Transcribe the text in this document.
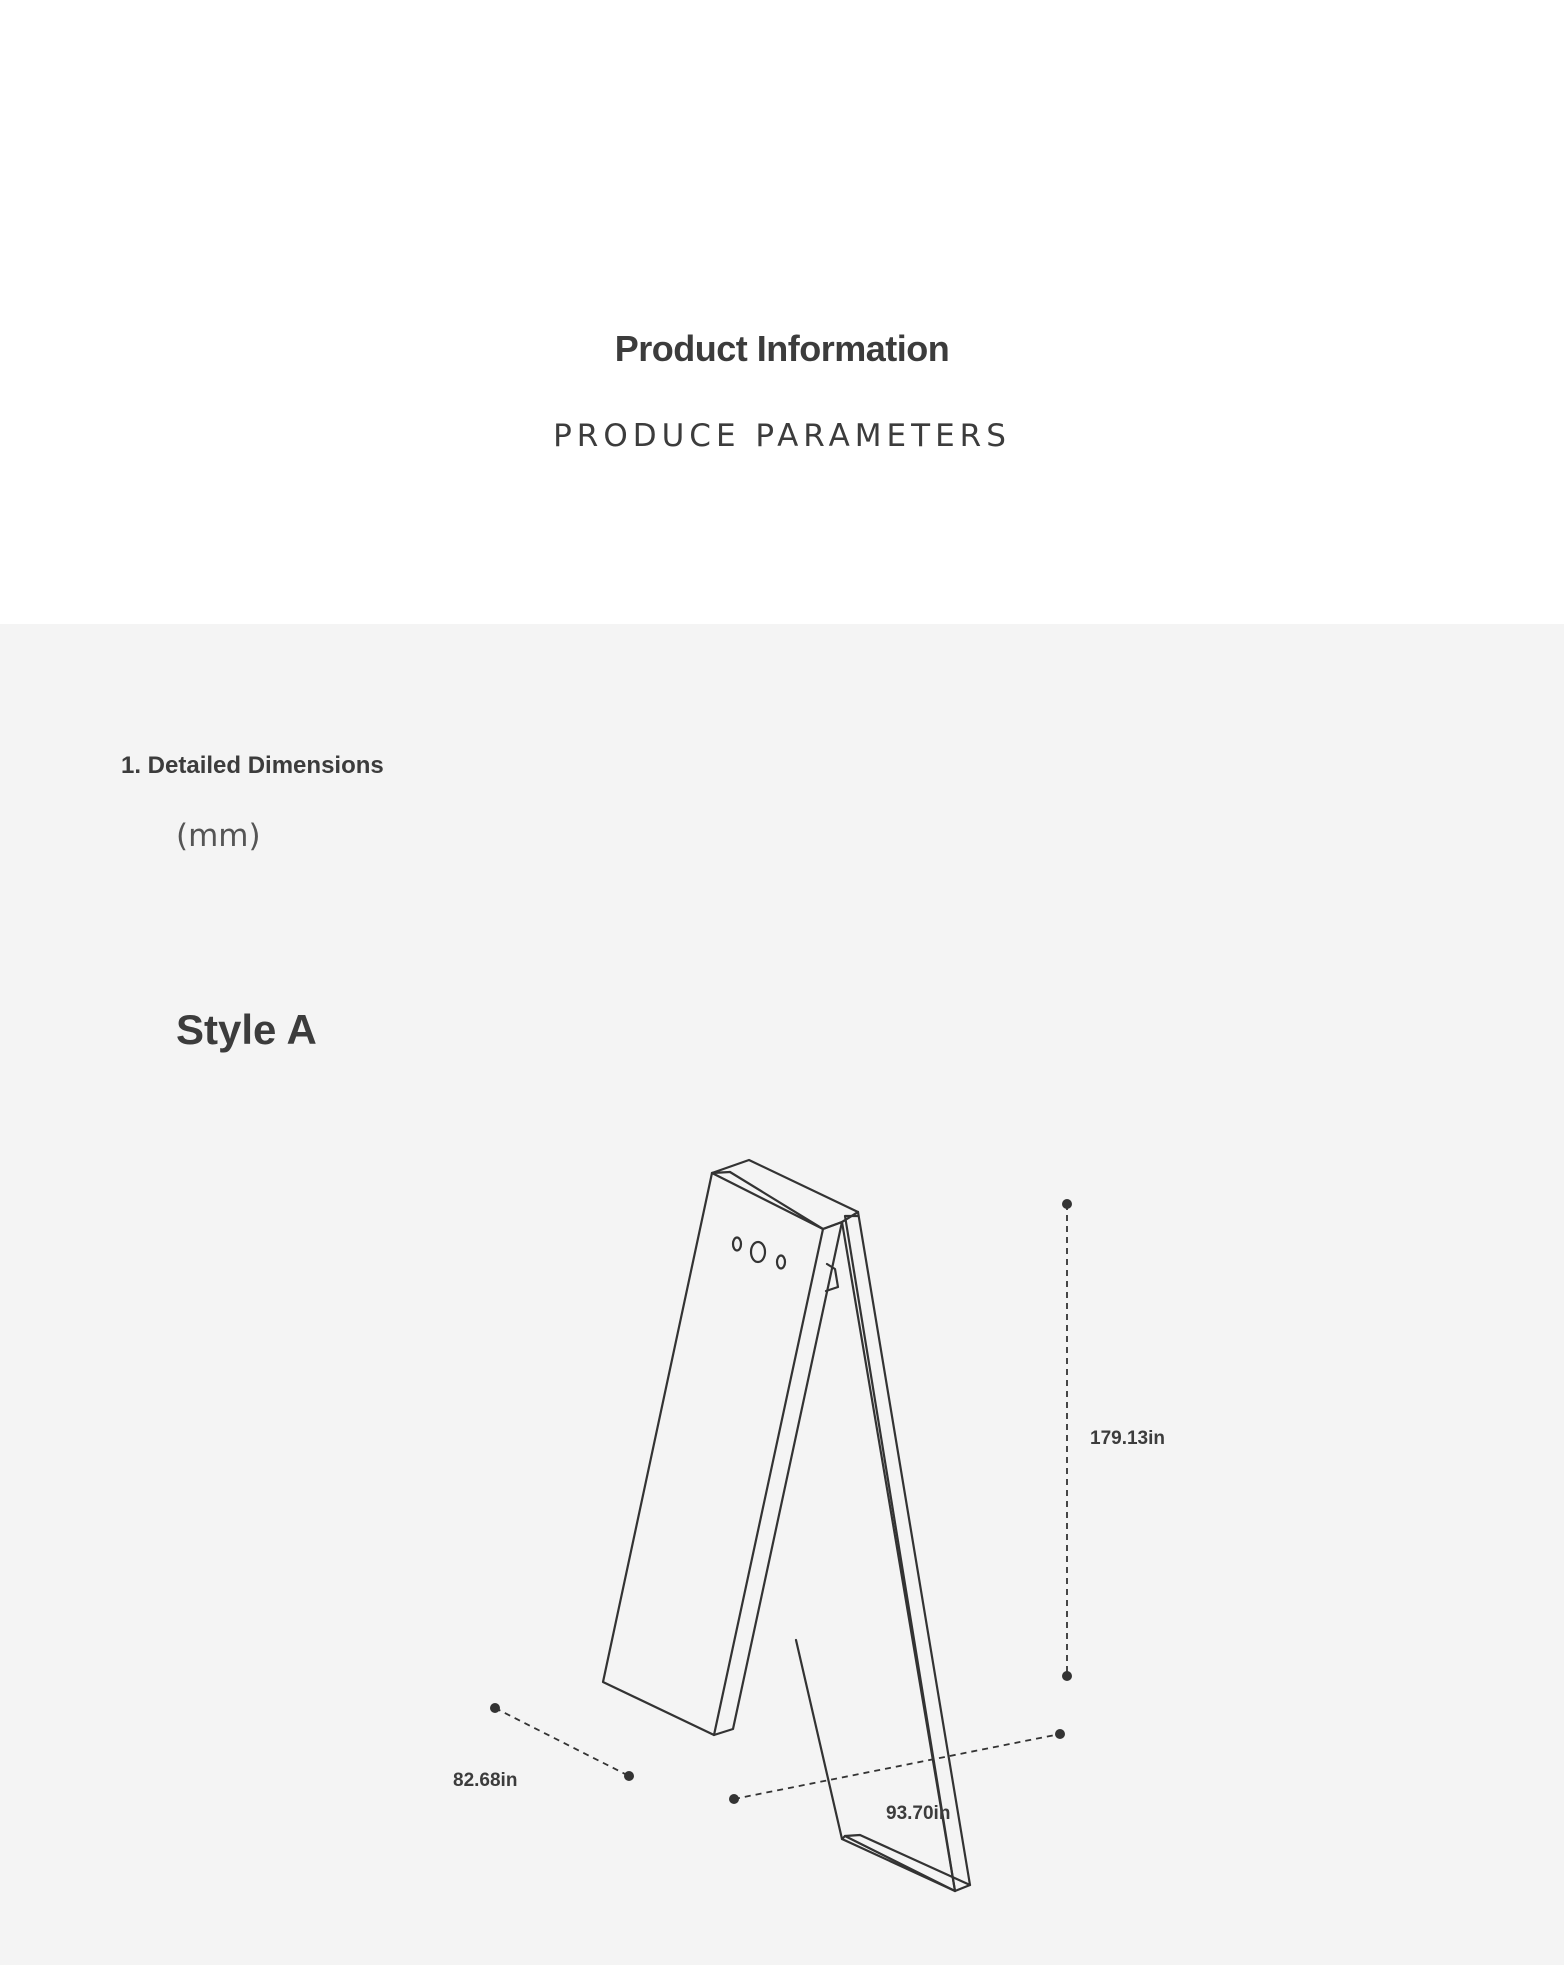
Product Information
PRODUCE PARAMETERS
1. Detailed Dimensions
(mm)
Style A
179.13in
82.68in
93.70in
